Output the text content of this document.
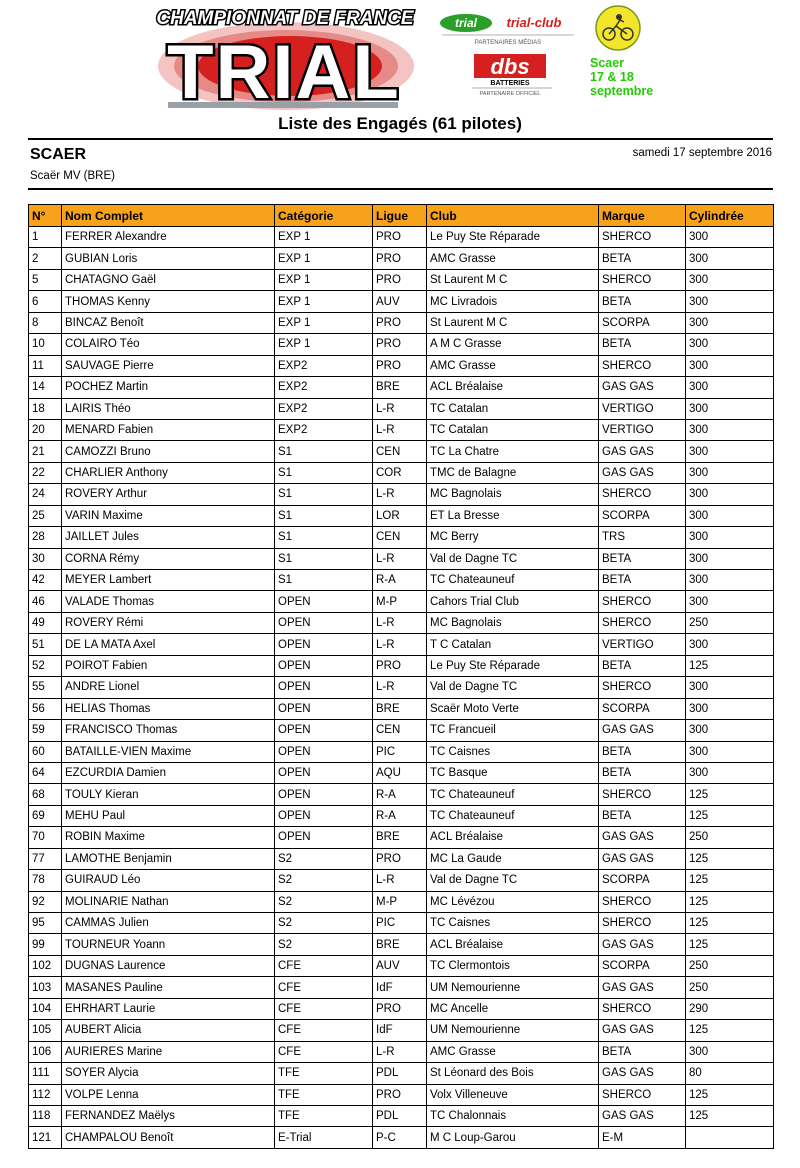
CHAMPIONNAT DE FRANCE
TRIAL
trial trial-club
PARTENAIRES MÉDIAS
dbs
BATTERIES
PARTENAIRE OFFICIEL
Scaer
17 & 18
septembre
Liste des Engagés (61 pilotes)
SCAER	samedi 17 septembre 2016
Scaër MV (BRE)
N°	Nom Complet	Catégorie	Ligue	Club	Marque	Cylindrée
1	FERRER Alexandre	EXP 1	PRO	Le Puy Ste Réparade	SHERCO	300
2	GUBIAN Loris	EXP 1	PRO	AMC Grasse	BETA	300
5	CHATAGNO Gaël	EXP 1	PRO	St Laurent M C	SHERCO	300
6	THOMAS Kenny	EXP 1	AUV	MC Livradois	BETA	300
8	BINCAZ Benoît	EXP 1	PRO	St Laurent M C	SCORPA	300
10	COLAIRO Téo	EXP 1	PRO	A M C Grasse	BETA	300
11	SAUVAGE Pierre	EXP2	PRO	AMC Grasse	SHERCO	300
14	POCHEZ Martin	EXP2	BRE	ACL Bréalaise	GAS GAS	300
18	LAIRIS Théo	EXP2	L-R	TC Catalan	VERTIGO	300
20	MENARD Fabien	EXP2	L-R	TC Catalan	VERTIGO	300
21	CAMOZZI Bruno	S1	CEN	TC La Chatre	GAS GAS	300
22	CHARLIER Anthony	S1	COR	TMC de Balagne	GAS GAS	300
24	ROVERY Arthur	S1	L-R	MC Bagnolais	SHERCO	300
25	VARIN Maxime	S1	LOR	ET La Bresse	SCORPA	300
28	JAILLET Jules	S1	CEN	MC Berry	TRS	300
30	CORNA Rémy	S1	L-R	Val de Dagne TC	BETA	300
42	MEYER Lambert	S1	R-A	TC Chateauneuf	BETA	300
46	VALADE Thomas	OPEN	M-P	Cahors Trial Club	SHERCO	300
49	ROVERY Rémi	OPEN	L-R	MC Bagnolais	SHERCO	250
51	DE LA MATA Axel	OPEN	L-R	T C Catalan	VERTIGO	300
52	POIROT Fabien	OPEN	PRO	Le Puy Ste Réparade	BETA	125
55	ANDRE Lionel	OPEN	L-R	Val de Dagne TC	SHERCO	300
56	HELIAS Thomas	OPEN	BRE	Scaër Moto Verte	SCORPA	300
59	FRANCISCO Thomas	OPEN	CEN	TC Francueil	GAS GAS	300
60	BATAILLE-VIEN Maxime	OPEN	PIC	TC Caisnes	BETA	300
64	EZCURDIA Damien	OPEN	AQU	TC Basque	BETA	300
68	TOULY Kieran	OPEN	R-A	TC Chateauneuf	SHERCO	125
69	MEHU Paul	OPEN	R-A	TC Chateauneuf	BETA	125
70	ROBIN Maxime	OPEN	BRE	ACL Bréalaise	GAS GAS	250
77	LAMOTHE Benjamin	S2	PRO	MC La Gaude	GAS GAS	125
78	GUIRAUD Léo	S2	L-R	Val de Dagne TC	SCORPA	125
92	MOLINARIE Nathan	S2	M-P	MC Lévézou	SHERCO	125
95	CAMMAS Julien	S2	PIC	TC Caisnes	SHERCO	125
99	TOURNEUR Yoann	S2	BRE	ACL Bréalaise	GAS GAS	125
102	DUGNAS Laurence	CFE	AUV	TC Clermontois	SCORPA	250
103	MASANES Pauline	CFE	IdF	UM Nemourienne	GAS GAS	250
104	EHRHART Laurie	CFE	PRO	MC Ancelle	SHERCO	290
105	AUBERT Alicia	CFE	IdF	UM Nemourienne	GAS GAS	125
106	AURIERES Marine	CFE	L-R	AMC Grasse	BETA	300
111	SOYER Alycia	TFE	PDL	St Léonard des Bois	GAS GAS	80
112	VOLPE Lenna	TFE	PRO	Volx Villeneuve	SHERCO	125
118	FERNANDEZ Maëlys	TFE	PDL	TC Chalonnais	GAS GAS	125
121	CHAMPALOU Benoît	E-Trial	P-C	M C Loup-Garou	E-M	
